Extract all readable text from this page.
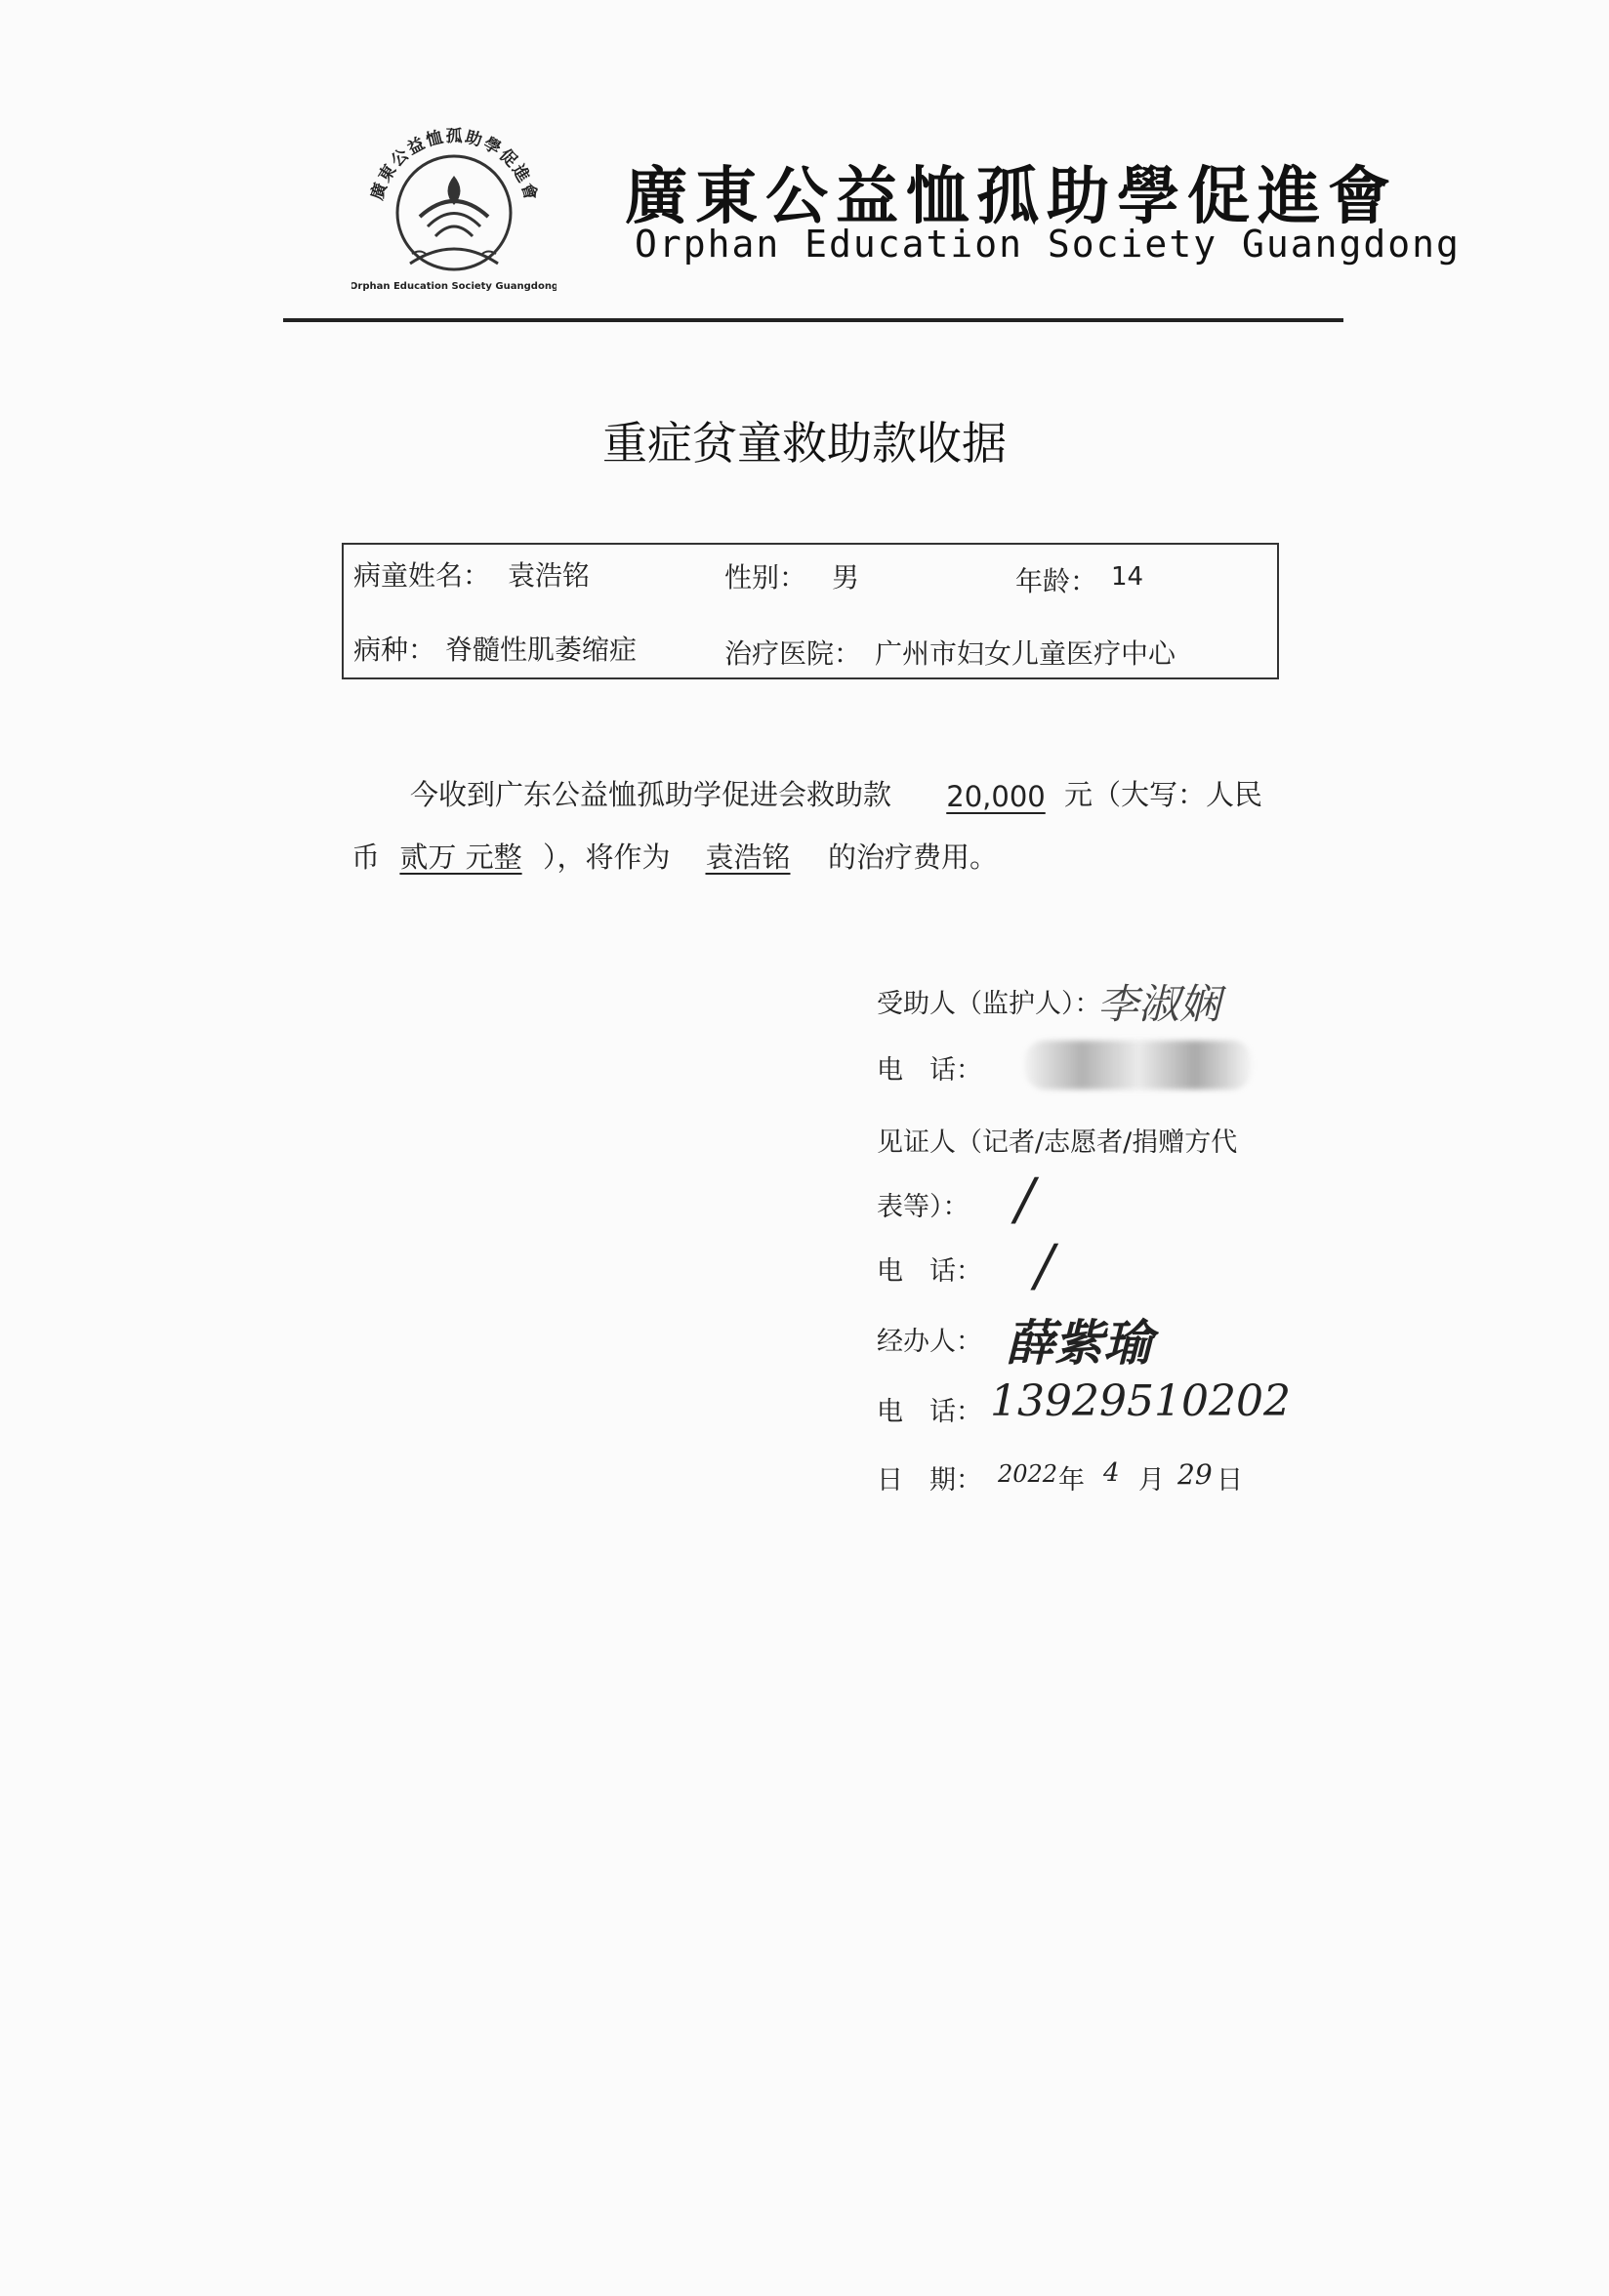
廣東公益恤孤助學促進會
Orphan Education Society Guangdong
廣東公益恤孤助學促進會
Orphan Education Society Guangdong
重症贫童救助款收据
病童姓名： 袁浩铭	性别： 男	年龄： 14
病种： 脊髓性肌萎缩症	治疗医院： 广州市妇女儿童医疗中心
今收到广东公益恤孤助学促进会救助款	20,000 元（大写：人民
币 贰万 元整 ），将作为	袁浩铭	的治疗费用。
受助人（监护人）：
李淑娴
电　话：
见证人（记者/志愿者/捐赠方代
表等）： /
电　话： /
经办人： 薛紫瑜
电　话： 13929510202
日　期： 2022 年 4 月 29 日
